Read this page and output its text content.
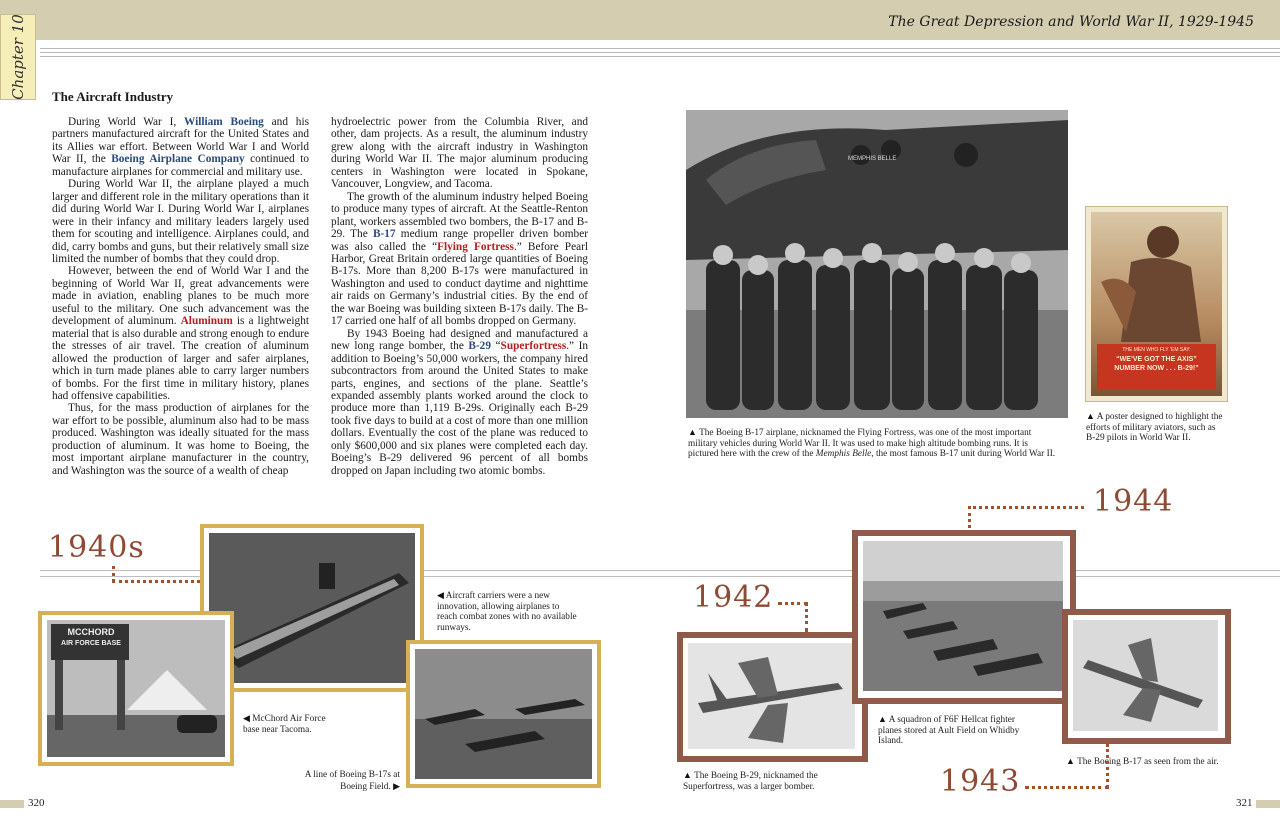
Chapter 10	The Great Depression and World War II, 1929-1945
The Aircraft Industry

During World War I, William Boeing and his partners manufactured aircraft for the United States and its Allies war effort. Between World War I and World War II, the Boeing Airplane Company continued to manufacture airplanes for commercial and military use.

During World War II, the airplane played a much larger and different role in the military operations than it did during World War I. During World War I, airplanes were in their infancy and military leaders largely used them for scouting and intelligence. Airplanes could, and did, carry bombs and guns, but their relatively small size limited the number of bombs that they could drop.

However, between the end of World War I and the beginning of World War II, great advancements were made in aviation, enabling planes to be much more useful to the military. One such advancement was the development of aluminum. Aluminum is a lightweight material that is also durable and strong enough to endure the stresses of air travel. The creation of aluminum allowed the production of larger and safer airplanes, which in turn made planes able to carry larger numbers of bombs. For the first time in military history, planes had offensive capabilities.

Thus, for the mass production of airplanes for the war effort to be possible, aluminum also had to be mass produced. Washington was ideally situated for the mass production of aluminum. It was home to Boeing, the most important airplane manufacturer in the country, and Washington was the source of a wealth of cheap

hydroelectric power from the Columbia River, and other, dam projects. As a result, the aluminum industry grew along with the aircraft industry in Washington during World War II. The major aluminum producing centers in Washington were located in Spokane, Vancouver, Longview, and Tacoma.

The growth of the aluminum industry helped Boeing to produce many types of aircraft. At the Seattle-Renton plant, workers assembled two bombers, the B-17 and B-29. The B-17 medium range propeller driven bomber was also called the “Flying Fortress.” Before Pearl Harbor, Great Britain ordered large quantities of Boeing B-17s. More than 8,200 B-17s were manufactured in Washington and used to conduct daytime and nighttime air raids on Germany’s industrial cities. By the end of the war Boeing was building sixteen B-17s daily. The B-17 carried one half of all bombs dropped on Germany.

By 1943 Boeing had designed and manufactured a new long range bomber, the B-29 “Superfortress.” In addition to Boeing’s 50,000 workers, the company hired subcontractors from around the United States to make parts, engines, and sections of the plane. Seattle’s expanded assembly plants worked around the clock to produce more than 1,119 B-29s. Originally each B-29 took five days to build at a cost of more than one million dollars. Eventually the cost of the plane was reduced to only $600,000 and six planes were completed each day. Boeing’s B-29 delivered 96 percent of all bombs dropped on Japan including two atomic bombs.

MEMPHIS BELLE
▲ The Boeing B-17 airplane, nicknamed the Flying Fortress, was one of the most important military vehicles during World War II. It was used to make high altitude bombing runs. It is pictured here with the crew of the Memphis Belle, the most famous B-17 unit during World War II.
THE MEN WHO FLY ’EM SAY:
“WE’VE GOT THE AXIS”
NUMBER NOW . . . B-29!”
▲ A poster designed to highlight the efforts of military aviators, such as B-29 pilots in World War II.
1940s
◀ Aircraft carriers were a new innovation, allowing airplanes to reach combat zones with no available runways.
MCCHORD
AIR FORCE BASE
◀ McChord Air Force base near Tacoma.
A line of Boeing B-17s at Boeing Field. ▶
1942
▲ The Boeing B-29, nicknamed the Superfortress, was a larger bomber.
1944
▲ A squadron of F6F Hellcat fighter planes stored at Ault Field on Whidby Island.
▲ The Boeing B-17 as seen from the air.
1943
320	321
